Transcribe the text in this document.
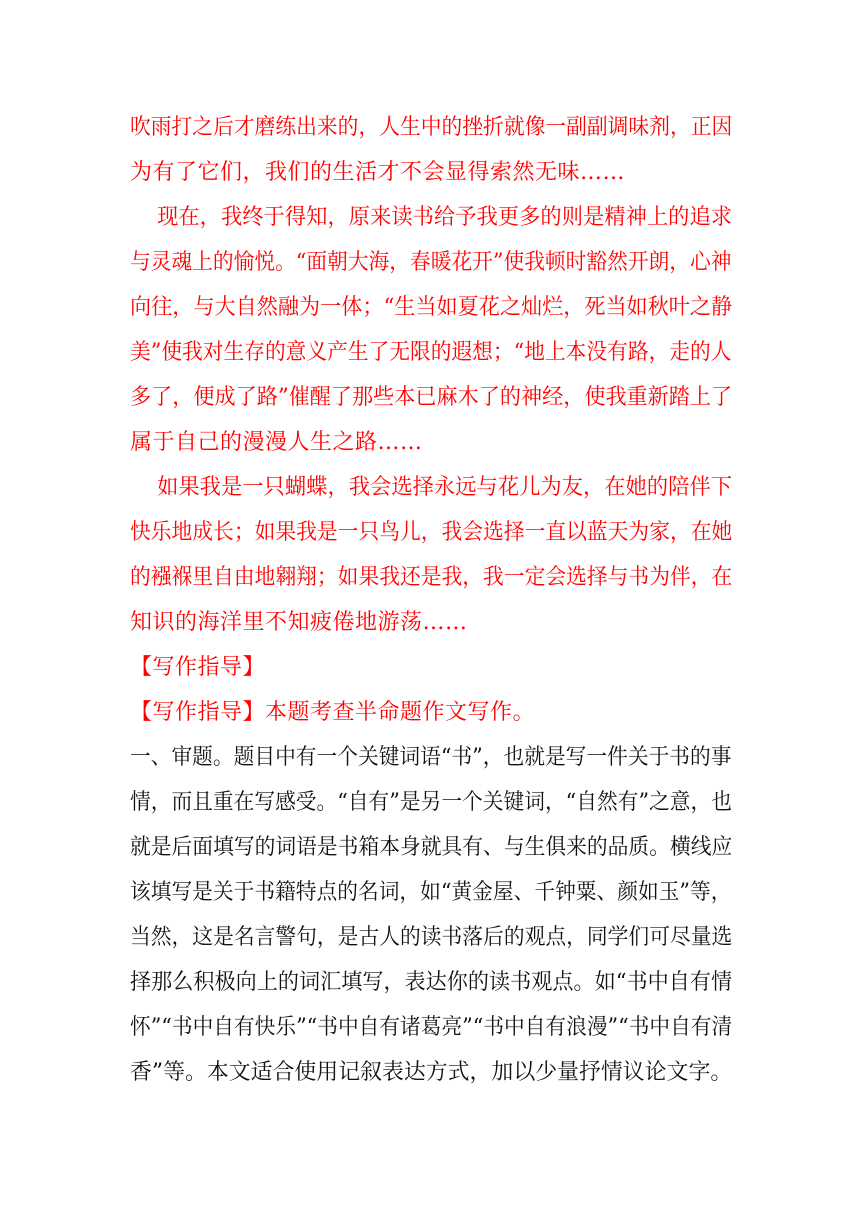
吹雨打之后才磨练出来的，人生中的挫折就像一副副调味剂，正因
为有了它们，我们的生活才不会显得索然无味……
现在，我终于得知，原来读书给予我更多的则是精神上的追求
与灵魂上的愉悦。“面朝大海，春暖花开”使我顿时豁然开朗，心神
向往，与大自然融为一体；“生当如夏花之灿烂，死当如秋叶之静
美”使我对生存的意义产生了无限的遐想；“地上本没有路，走的人
多了，便成了路”催醒了那些本已麻木了的神经，使我重新踏上了
属于自己的漫漫人生之路……
如果我是一只蝴蝶，我会选择永远与花儿为友，在她的陪伴下
快乐地成长；如果我是一只鸟儿，我会选择一直以蓝天为家，在她
的襁褓里自由地翱翔；如果我还是我，我一定会选择与书为伴，在
知识的海洋里不知疲倦地游荡……
【写作指导】
【写作指导】本题考查半命题作文写作。
一、审题。题目中有一个关键词语“书”，也就是写一件关于书的事
情，而且重在写感受。“自有”是另一个关键词，“自然有”之意，也
就是后面填写的词语是书箱本身就具有、与生俱来的品质。横线应
该填写是关于书籍特点的名词，如“黄金屋、千钟粟、颜如玉”等，
当然，这是名言警句，是古人的读书落后的观点，同学们可尽量选
择那么积极向上的词汇填写，表达你的读书观点。如“书中自有情
怀”“书中自有快乐”“书中自有诸葛亮”“书中自有浪漫”“书中自有清
香”等。本文适合使用记叙表达方式，加以少量抒情议论文字。
